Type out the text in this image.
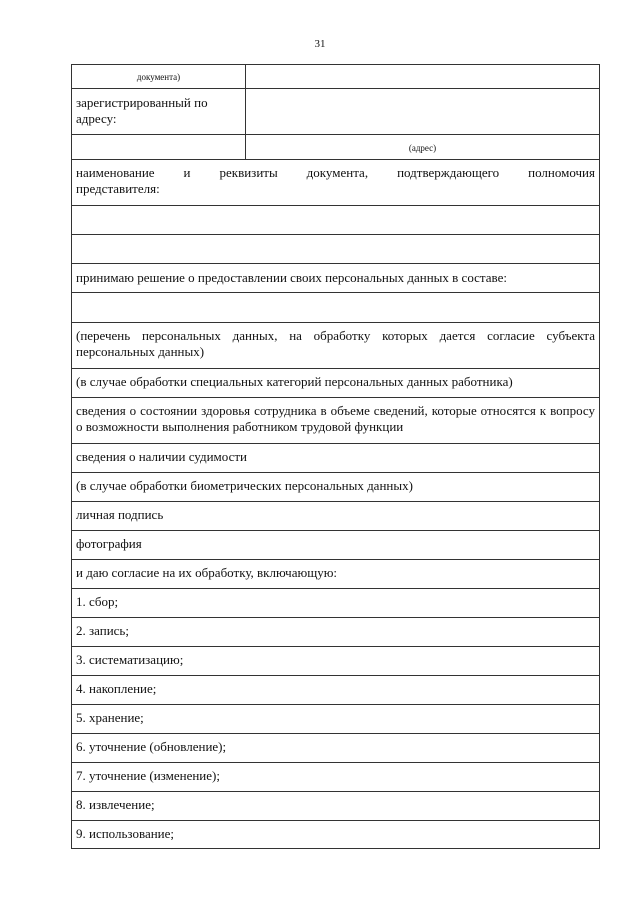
31
документа)
зарегистрированный по адресу:
(адрес)
наименование и реквизиты документа, подтверждающего полномочия
представителя:
принимаю решение о предоставлении своих персональных данных в составе:
(перечень персональных данных, на обработку которых дается согласие субъекта персональных данных)
(в случае обработки специальных категорий персональных данных работника)
сведения о состоянии здоровья сотрудника в объеме сведений, которые относятся к вопросу о возможности выполнения работником трудовой функции
сведения о наличии судимости
(в случае обработки биометрических персональных данных)
личная подпись
фотография
и даю согласие на их обработку, включающую:
1. сбор;
2. запись;
3. систематизацию;
4. накопление;
5. хранение;
6. уточнение (обновление);
7. уточнение (изменение);
8. извлечение;
9. использование;
